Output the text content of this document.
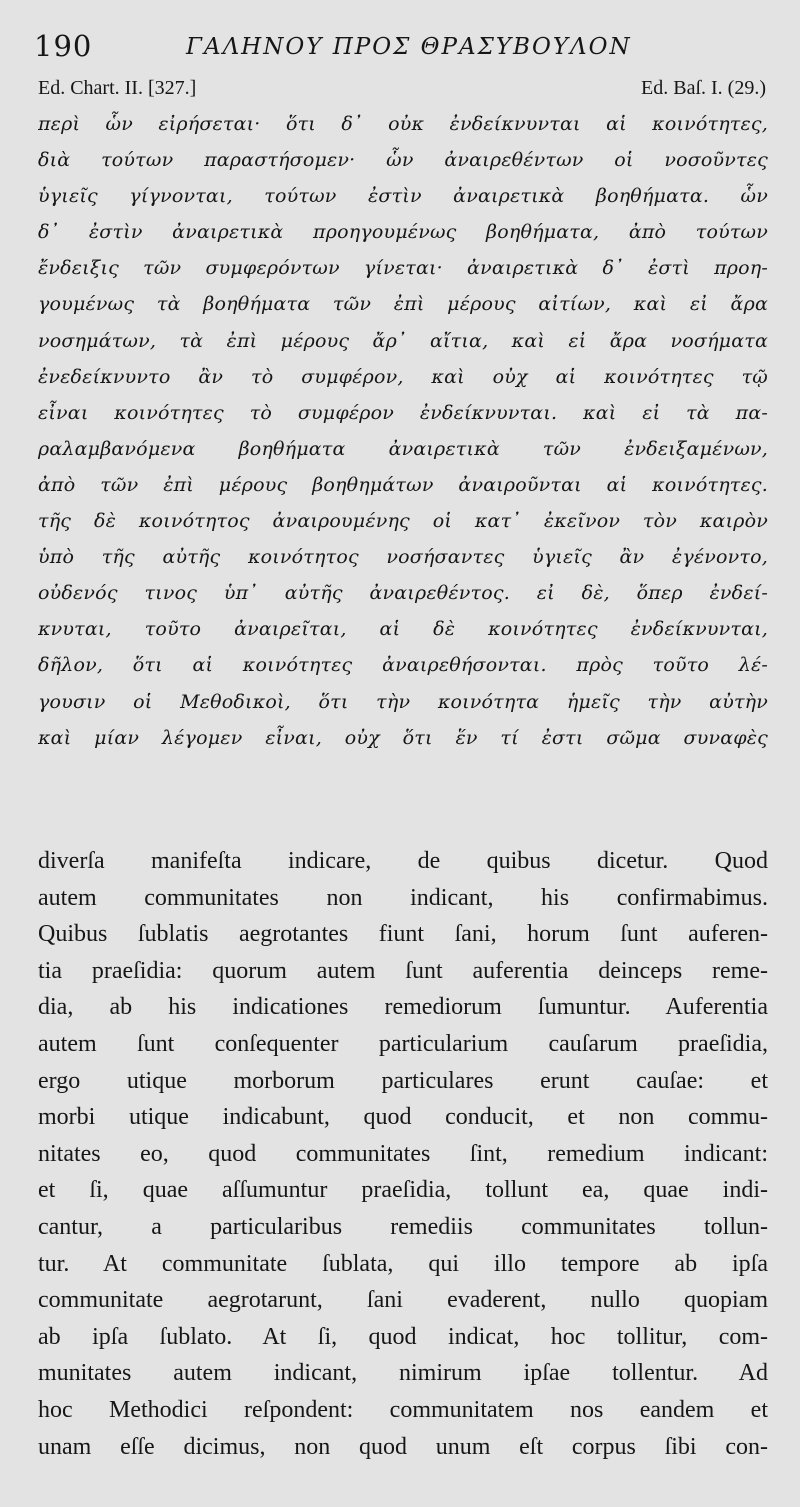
190	ΓΑΛΗΝΟΥ ΠΡΟΣ ΘΡΑΣΥΒΟΥΛΟΝ
Ed. Chart. II. [327.]	Ed. Baſ. I. (29.)
περὶ ὧν εἰρήσεται· ὅτι δ᾽ οὐκ ἐνδείκνυνται αἱ κοινότητες,
διὰ τούτων παραστήσομεν· ὧν ἀναιρεθέντων οἱ νοσοῦντες
ὑγιεῖς γίγνονται, τούτων ἐστὶν ἀναιρετικὰ βοηθήματα. ὧν
δ᾽ ἐστὶν ἀναιρετικὰ προηγουμένως βοηθήματα, ἀπὸ τούτων
ἔνδειξις τῶν συμφερόντων γίνεται· ἀναιρετικὰ δ᾽ ἐστὶ προη-
γουμένως τὰ βοηθήματα τῶν ἐπὶ μέρους αἰτίων, καὶ εἰ ἄρα
νοσημάτων, τὰ ἐπὶ μέρους ἄρ᾽ αἴτια, καὶ εἰ ἄρα νοσήματα
ἐνεδείκνυντο ἂν τὸ συμφέρον, καὶ οὐχ αἱ κοινότητες τῷ
εἶναι κοινότητες τὸ συμφέρον ἐνδείκνυνται. καὶ εἰ τὰ πα-
ραλαμβανόμενα βοηθήματα ἀναιρετικὰ τῶν ἐνδειξαμένων,
ἀπὸ τῶν ἐπὶ μέρους βοηθημάτων ἀναιροῦνται αἱ κοινότητες.
τῆς δὲ κοινότητος ἀναιρουμένης οἱ κατ᾽ ἐκεῖνον τὸν καιρὸν
ὑπὸ τῆς αὐτῆς κοινότητος νοσήσαντες ὑγιεῖς ἂν ἐγένοντο,
οὐδενός τινος ὑπ᾽ αὐτῆς ἀναιρεθέντος. εἰ δὲ, ὅπερ ἐνδεί-
κνυται, τοῦτο ἀναιρεῖται, αἱ δὲ κοινότητες ἐνδείκνυνται,
δῆλον, ὅτι αἱ κοινότητες ἀναιρεθήσονται. πρὸς τοῦτο λέ-
γουσιν οἱ Μεθοδικοὶ, ὅτι τὴν κοινότητα ἡμεῖς τὴν αὐτὴν
καὶ μίαν λέγομεν εἶναι, οὐχ ὅτι ἕν τί ἐστι σῶμα συναφὲς
diverſa manifeſta indicare, de quibus dicetur. Quod
autem communitates non indicant, his confirmabimus.
Quibus ſublatis aegrotantes fiunt ſani, horum ſunt auferen-
tia praeſidia: quorum autem ſunt auferentia deinceps reme-
dia, ab his indicationes remediorum ſumuntur. Auferentia
autem ſunt conſequenter particularium cauſarum praeſidia,
ergo utique morborum particulares erunt cauſae: et
morbi utique indicabunt, quod conducit, et non commu-
nitates eo, quod communitates ſint, remedium indicant:
et ſi, quae aſſumuntur praeſidia, tollunt ea, quae indi-
cantur, a particularibus remediis communitates tollun-
tur. At communitate ſublata, qui illo tempore ab ipſa
communitate aegrotarunt, ſani evaderent, nullo quopiam
ab ipſa ſublato. At ſi, quod indicat, hoc tollitur, com-
munitates autem indicant, nimirum ipſae tollentur. Ad
hoc Methodici reſpondent: communitatem nos eandem et
unam eſſe dicimus, non quod unum eſt corpus ſibi con-
